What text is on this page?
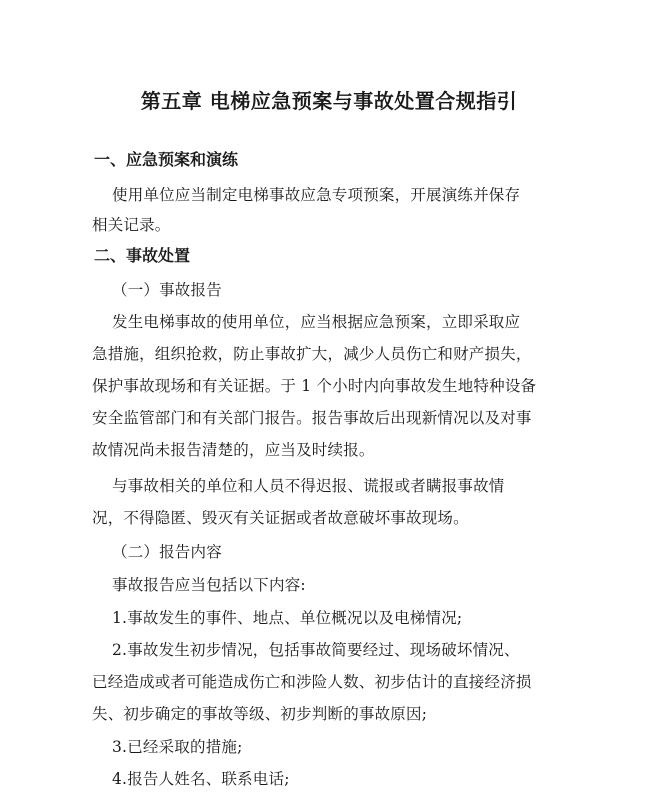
第五章 电梯应急预案与事故处置合规指引
一、应急预案和演练
使用单位应当制定电梯事故应急专项预案，开展演练并保存
相关记录。
二、事故处置
（一）事故报告
发生电梯事故的使用单位，应当根据应急预案，立即采取应
急措施，组织抢救，防止事故扩大，减少人员伤亡和财产损失，
保护事故现场和有关证据。于 1 个小时内向事故发生地特种设备
安全监管部门和有关部门报告。报告事故后出现新情况以及对事
故情况尚未报告清楚的，应当及时续报。
与事故相关的单位和人员不得迟报、谎报或者瞒报事故情
况，不得隐匿、毁灭有关证据或者故意破坏事故现场。
（二）报告内容
事故报告应当包括以下内容:
1.事故发生的事件、地点、单位概况以及电梯情况;
2.事故发生初步情况，包括事故简要经过、现场破坏情况、
已经造成或者可能造成伤亡和涉险人数、初步估计的直接经济损
失、初步确定的事故等级、初步判断的事故原因;
3.已经采取的措施;
4.报告人姓名、联系电话;
